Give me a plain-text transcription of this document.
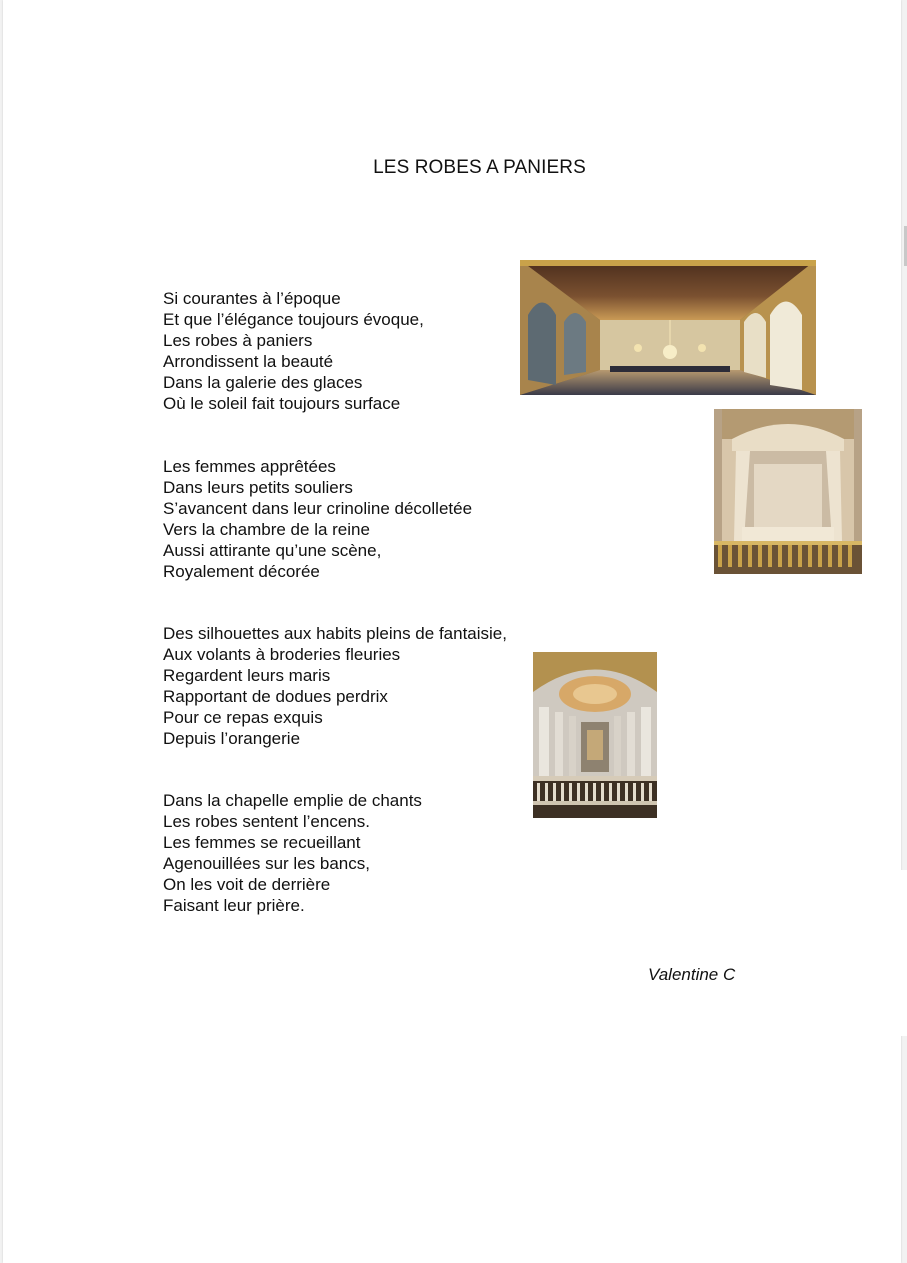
LES ROBES A PANIERS
Si courantes à l’époque
Et que l’élégance toujours évoque,
Les robes à paniers
Arrondissent la beauté
Dans la galerie des glaces
Où le soleil fait toujours surface
Les femmes apprêtées
Dans leurs petits souliers
S’avancent dans leur crinoline décolletée
Vers la chambre de la reine
Aussi attirante qu’une scène,
Royalement décorée
Des silhouettes aux habits pleins de fantaisie,
Aux volants à broderies fleuries
Regardent leurs maris
Rapportant de dodues perdrix
Pour ce repas exquis
Depuis l’orangerie
Dans la chapelle emplie de chants
Les robes sentent l’encens.
Les femmes se recueillant
Agenouillées sur les bancs,
On les voit de derrière
Faisant leur prière.
Valentine C
